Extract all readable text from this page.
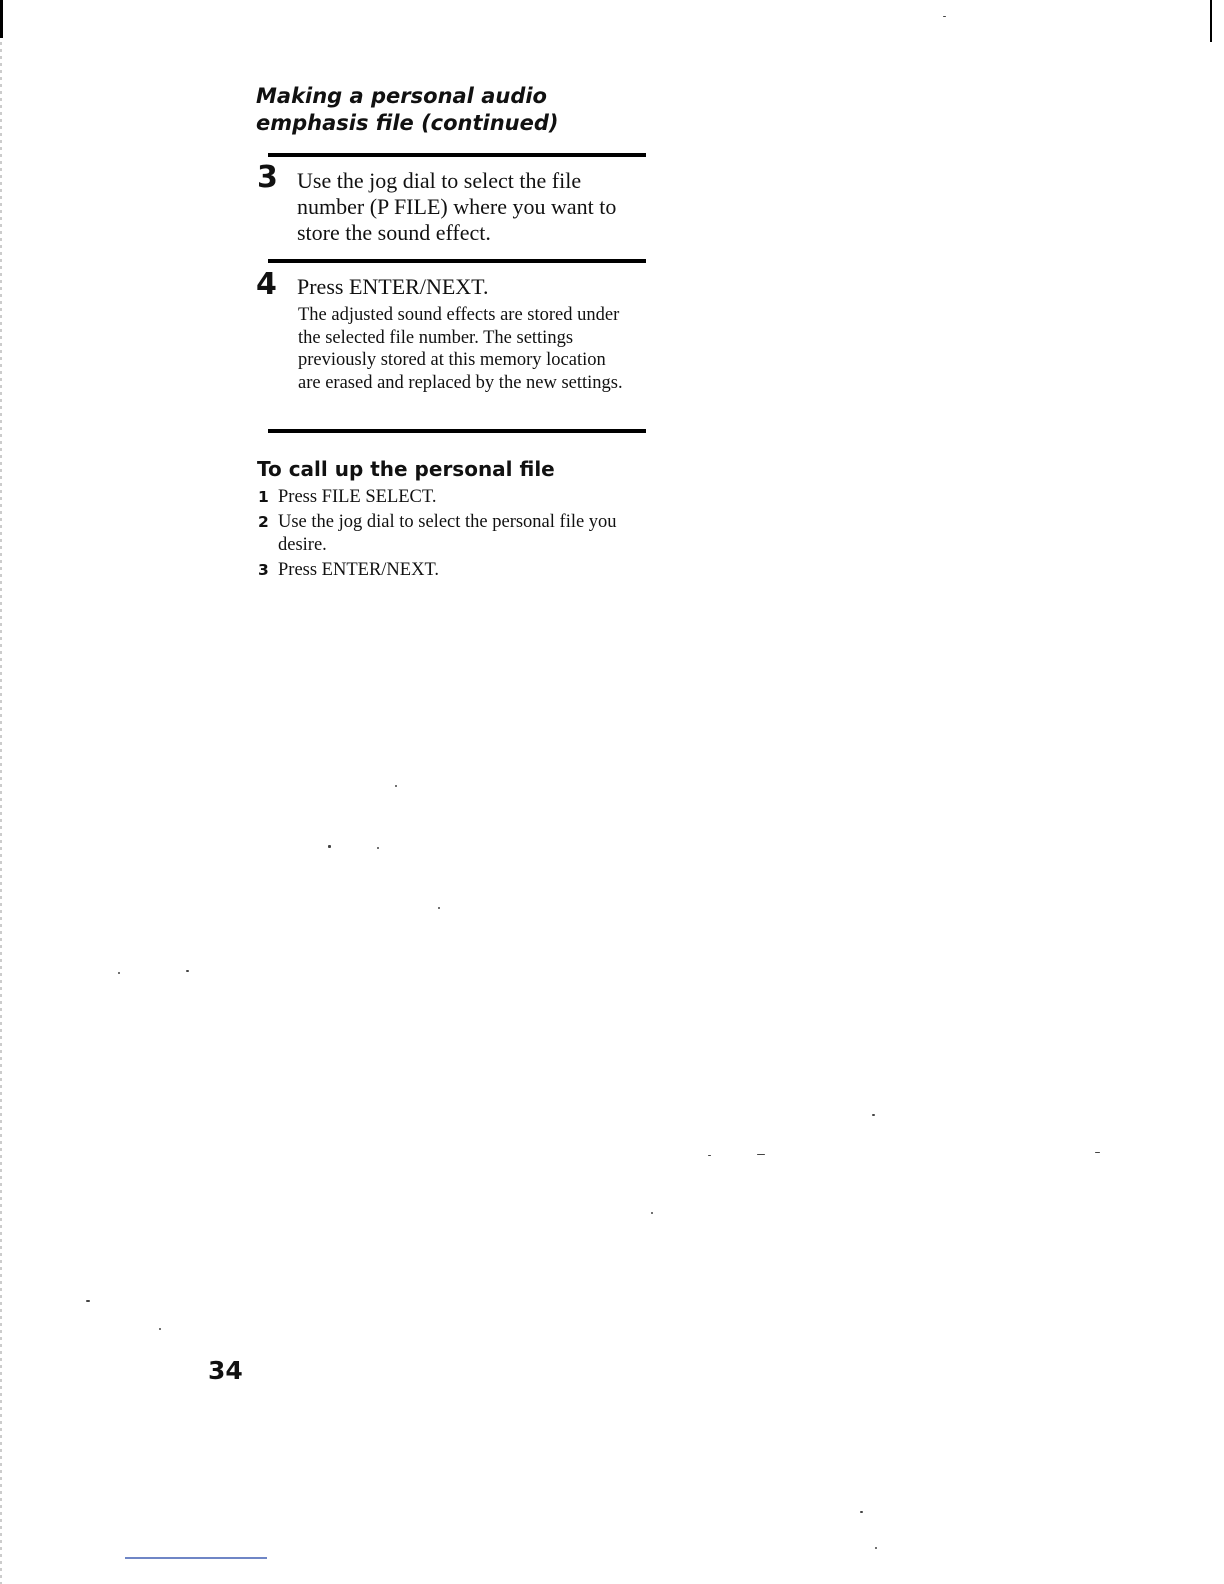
Making a personal audio emphasis file (continued)
3 Use the jog dial to select the file number (P FILE) where you want to store the sound effect.

4 Press ENTER/NEXT.

The adjusted sound effects are stored under the selected file number. The settings previously stored at this memory location are erased and replaced by the new settings.

To call up the personal file
1 Press FILE SELECT.
2 Use the jog dial to select the personal file you desire.
3 Press ENTER/NEXT.
34
